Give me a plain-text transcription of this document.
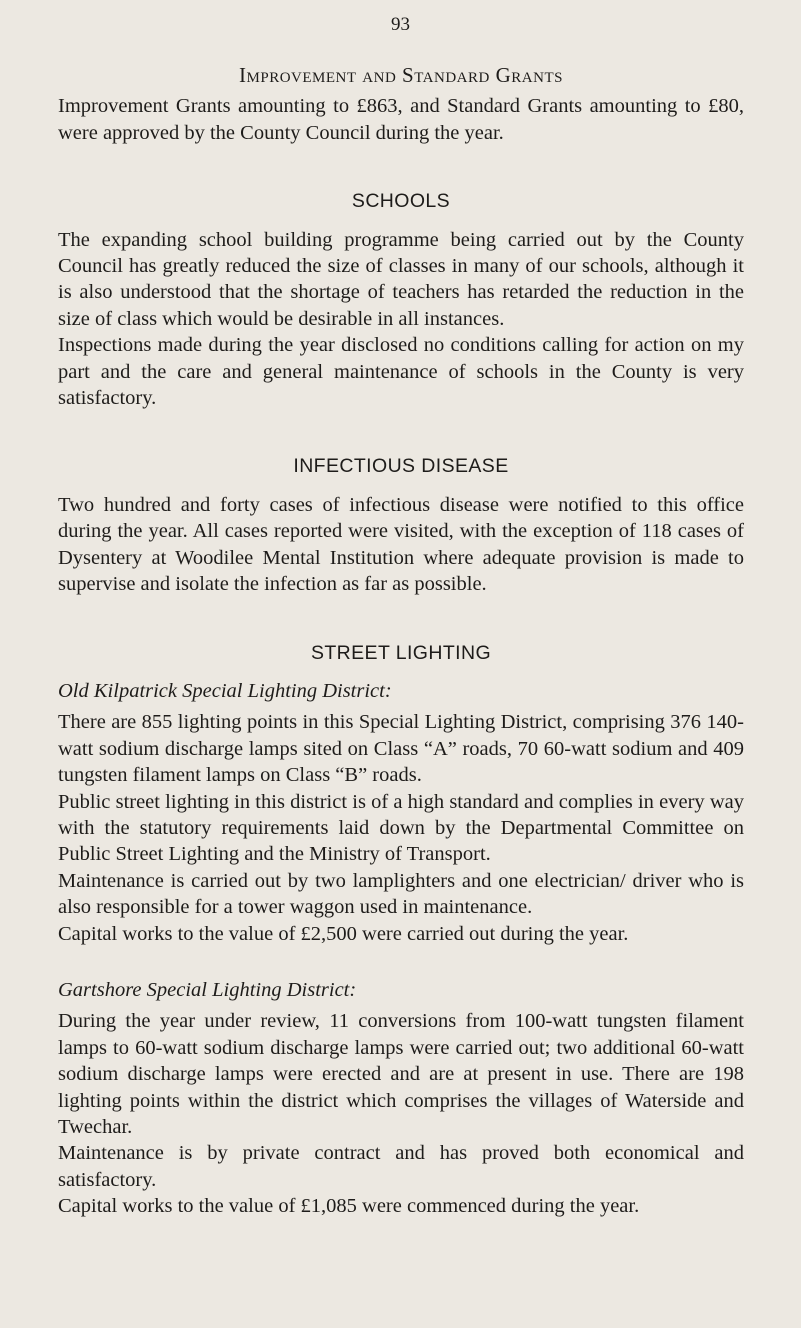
93
Improvement and Standard Grants

Improvement Grants amounting to £863, and Standard Grants amounting to £80, were approved by the County Council during the year.

SCHOOLS

The expanding school building programme being carried out by the County Council has greatly reduced the size of classes in many of our schools, although it is also understood that the shortage of teachers has retarded the reduction in the size of class which would be desirable in all instances.

Inspections made during the year disclosed no conditions calling for action on my part and the care and general maintenance of schools in the County is very satisfactory.

INFECTIOUS DISEASE

Two hundred and forty cases of infectious disease were notified to this office during the year. All cases reported were visited, with the exception of 118 cases of Dysentery at Woodilee Mental Institution where adequate provision is made to supervise and isolate the infection as far as possible.

STREET LIGHTING
Old Kilpatrick Special Lighting District:

There are 855 lighting points in this Special Lighting District, comprising 376 140-watt sodium discharge lamps sited on Class “A” roads, 70 60-watt sodium and 409 tungsten filament lamps on Class “B” roads.

Public street lighting in this district is of a high standard and complies in every way with the statutory requirements laid down by the Departmental Committee on Public Street Lighting and the Ministry of Transport.

Maintenance is carried out by two lamplighters and one electrician/ driver who is also responsible for a tower waggon used in maintenance.

Capital works to the value of £2,500 were carried out during the year.

Gartshore Special Lighting District:

During the year under review, 11 conversions from 100-watt tungsten filament lamps to 60-watt sodium discharge lamps were carried out; two additional 60-watt sodium discharge lamps were erected and are at present in use. There are 198 lighting points within the district which comprises the villages of Waterside and Twechar.

Maintenance is by private contract and has proved both economical and satisfactory.

Capital works to the value of £1,085 were commenced during the year.
